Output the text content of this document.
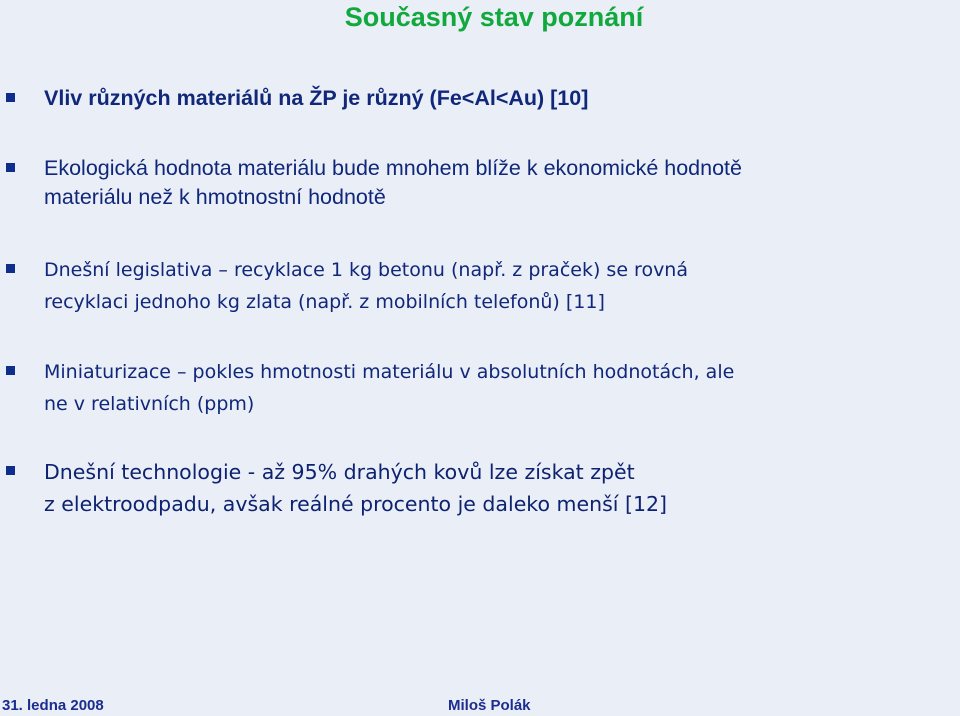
Současný stav poznání
Vliv různých materiálů na ŽP je různý (Fe<Al<Au) [10]
Ekologická hodnota materiálu bude mnohem blíže k ekonomické hodnotě
materiálu než k hmotnostní hodnotě
Dnešní legislativa – recyklace 1 kg betonu (např. z praček) se rovná
recyklaci jednoho kg zlata (např. z mobilních telefonů) [11]
Miniaturizace – pokles hmotnosti materiálu v absolutních hodnotách, ale
ne v relativních (ppm)
Dnešní technologie - až 95% drahých kovů lze získat zpět
z elektroodpadu, avšak reálné procento je daleko menší [12]
31. ledna 2008	Miloš Polák
